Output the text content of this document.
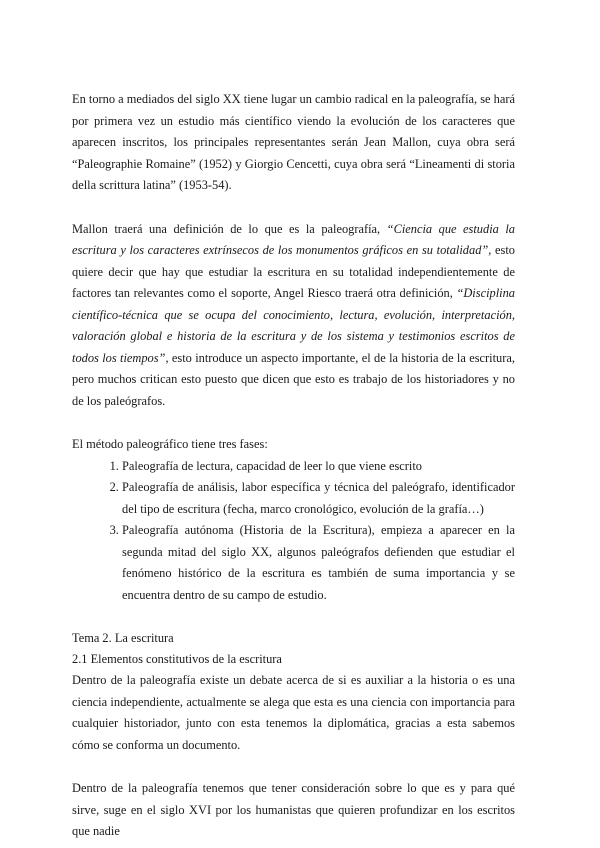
En torno a mediados del siglo XX tiene lugar un cambio radical en la paleografía, se hará por primera vez un estudio más científico viendo la evolución de los caracteres que aparecen inscritos, los principales representantes serán Jean Mallon, cuya obra será “Paleographie Romaine” (1952) y Giorgio Cencetti, cuya obra será “Lineamenti di storia della scrittura latina” (1953-54).

Mallon traerá una definición de lo que es la paleografía, “Ciencia que estudia la escritura y los caracteres extrínsecos de los monumentos gráficos en su totalidad”, esto quiere decir que hay que estudiar la escritura en su totalidad independientemente de factores tan relevantes como el soporte, Angel Riesco traerá otra definición, “Disciplina científico-técnica que se ocupa del conocimiento, lectura, evolución, interpretación, valoración global e historia de la escritura y de los sistema y testimonios escritos de todos los tiempos”, esto introduce un aspecto importante, el de la historia de la escritura, pero muchos critican esto puesto que dicen que esto es trabajo de los historiadores y no de los paleógrafos.

El método paleográfico tiene tres fases:

1. Paleografía de lectura, capacidad de leer lo que viene escrito
2. Paleografía de análisis, labor específica y técnica del paleógrafo, identificador del tipo de escritura (fecha, marco cronológico, evolución de la grafía…)
3. Paleografía autónoma (Historia de la Escritura), empieza a aparecer en la segunda mitad del siglo XX, algunos paleógrafos defienden que estudiar el fenómeno histórico de la escritura es también de suma importancia y se encuentra dentro de su campo de estudio.

Tema 2. La escritura

2.1 Elementos constitutivos de la escritura

Dentro de la paleografía existe un debate acerca de si es auxiliar a la historia o es una ciencia independiente, actualmente se alega que esta es una ciencia con importancia para cualquier historiador, junto con esta tenemos la diplomática, gracias a esta sabemos cómo se conforma un documento.

Dentro de la paleografía tenemos que tener consideración sobre lo que es y para qué sirve, suge en el siglo XVI por los humanistas que quieren profundizar en los escritos que nadie
